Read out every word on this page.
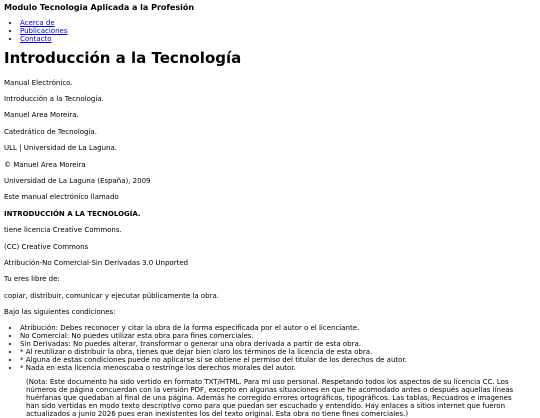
Modulo Tecnologia Aplicada a la Profesión
• Acerca de
• Publicaciones
• Contacto
Introducción a la Tecnología

Manual Electrónico.

Introducción a la Tecnología.

Manuel Area Moreira.

Catedrático de Tecnología.

ULL | Universidad de La Laguna.

© Manuel Area Moreira

Universidad de La Laguna (España), 2009

Este manual electrónico llamado

INTRODUCCIÓN A LA TECNOLOGÍA.

tiene licencia Creative Commons.

(CC) Creative Commons

Atribución-No Comercial-Sin Derivadas 3.0 Unported

Tu eres libre de:

copiar, distribuir, comunicar y ejecutar públicamente la obra.

Bajo las siguientes condiciones:

• Atribución: Debes reconocer y citar la obra de la forma especificada por el autor o el licenciante.
• No Comercial: No puedes utilizar esta obra para fines comerciales.
• Sin Derivadas: No puedes alterar, transformar o generar una obra derivada a partir de esta obra.
• * Al reutilizar o distribuir la obra, tienes que dejar bien claro los términos de la licencia de esta obra.
• * Alguna de estas condiciones puede no aplicarse si se obtiene el permiso del titular de los derechos de autor.
• * Nada en esta licencia menoscaba o restringe los derechos morales del autor.
(Nota: Este documento ha sido vertido en formato TXT/HTML. Para mi uso personal. Respetando todos los aspectos de su licencia CC. Los números de página concuerdan con la versión PDF, excepto en algunas situaciones en que he acomodado antes o después aquellas líneas huérfanas que quedaban al final de una página. Además he corregido errores ortográficos, tipográficos. Las tablas, Recuadros e imagenes han sido vertidas en modo texto descriptivo como para que puedan ser escuchado y entendido. Hay enlaces a sitios internet que fueron actualizados a junio 2026 pues eran inexistentes los del texto original. Esta obra no tiene fines comerciales.)
